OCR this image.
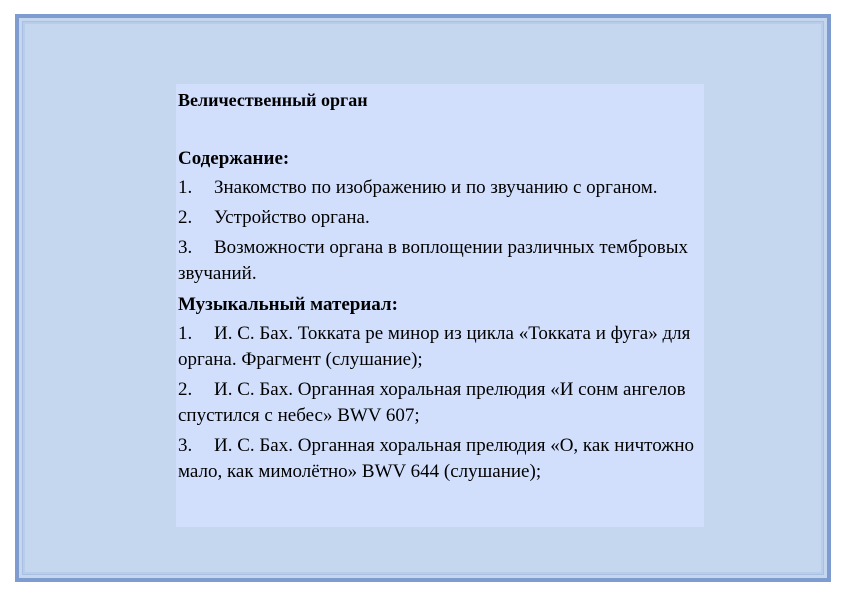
Величественный орган
Содержание:
1. Знакомство по изображению и по звучанию с органом.
2. Устройство органа.
3. Возможности органа в воплощении различных тембровых звучаний.
Музыкальный материал:
1. И. С. Бах. Токката ре минор из цикла «Токката и фуга» для органа. Фрагмент (слушание);
2. И. С. Бах. Органная хоральная прелюдия «И сонм ангелов спустился с небес» BWV 607;
3. И. С. Бах. Органная хоральная прелюдия «О, как ничтожно мало, как мимолётно» BWV 644 (слушание);
